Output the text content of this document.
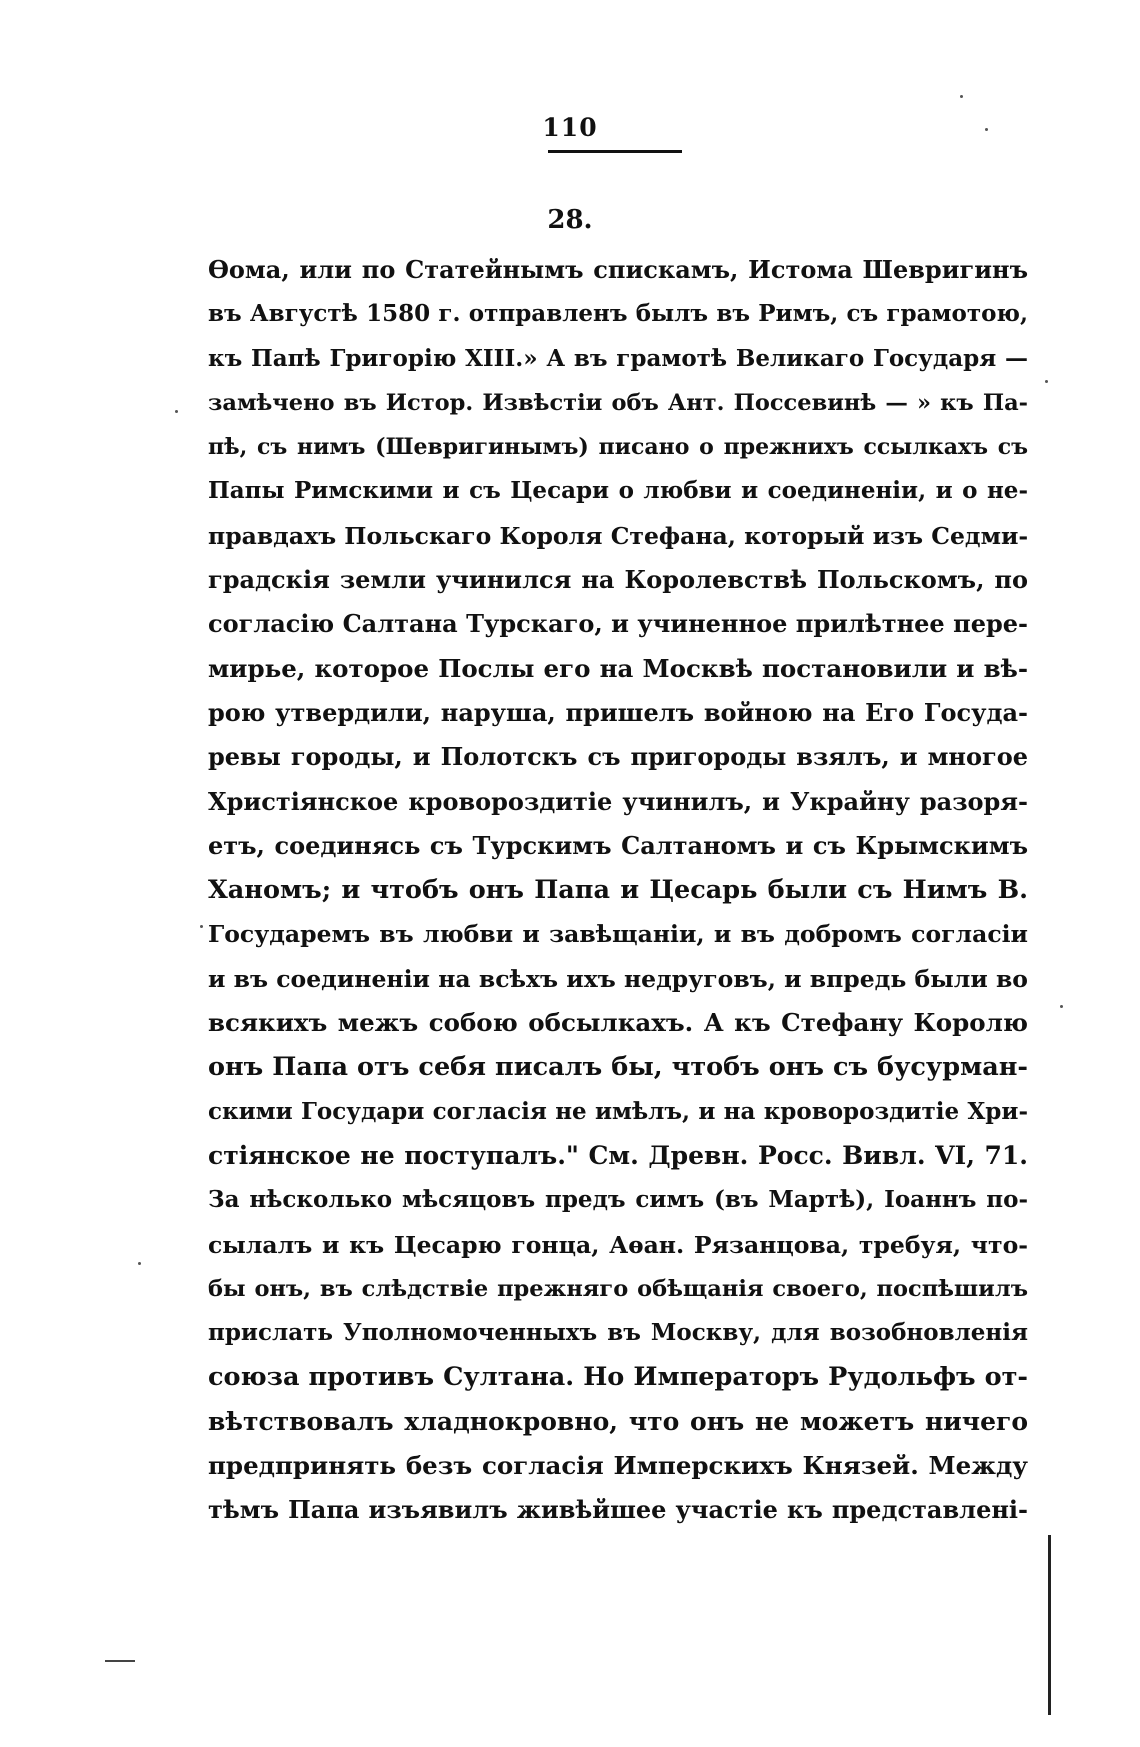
110
28.
Ѳома, или по Статейнымъ спискамъ, Истома Шевригинъ
въ Августѣ 1580 г. отправленъ былъ въ Римъ, съ грамотою,
къ Папѣ Григорію XIII.» А въ грамотѣ Великаго Государя —
замѣчено въ Истор. Извѣстіи объ Ант. Поссевинѣ — » къ Па-
пѣ, съ нимъ (Шевригинымъ) писано о прежнихъ ссылкахъ съ
Папы Римскими и съ Цесари о любви и соединеніи, и о не-
правдахъ Польскаго Короля Стефана, который изъ Седми-
градскія земли учинился на Королевствѣ Польскомъ, по
согласію Салтана Турскаго, и учиненное прилѣтнее пере-
мирье, которое Послы его на Москвѣ постановили и вѣ-
рою утвердили, нарушa, пришелъ войною на Его Госуда-
ревы городы, и Полотскъ съ пригороды взялъ, и многое
Христіянское кровороздитіе учинилъ, и Украйну разоря-
етъ, соединясь съ Турскимъ Салтаномъ и съ Крымскимъ
Ханомъ; и чтобъ онъ Папа и Цесарь были съ Нимъ В.
Государемъ въ любви и завѣщаніи, и въ добромъ согласіи
и въ соединеніи на всѣхъ ихъ недруговъ, и впредь были во
всякихъ межъ собою обсылкахъ. А къ Стефану Королю
онъ Папа отъ себя писалъ бы, чтобъ онъ съ бусурман-
скими Государи согласія не имѣлъ, и на кровороздитіе Хри-
стіянское не поступалъ." См. Древн. Росс. Вивл. VI, 71.
За нѣсколько мѣсяцовъ предъ симъ (въ Мартѣ), Іоаннъ по-
сылалъ и къ Цесарю гонца, Аѳан. Рязанцова, требуя, что-
бы онъ, въ слѣдствіе прежняго обѣщанія своего, поспѣшилъ
прислать Уполномоченныхъ въ Москву, для возобновленія
союза противъ Султана. Но Императоръ Рудольфъ от-
вѣтствовалъ хладнокровно, что онъ не можетъ ничего
предпринять безъ согласія Имперскихъ Князей. Между
тѣмъ Папа изъявилъ живѣйшее участіе къ представлені-
